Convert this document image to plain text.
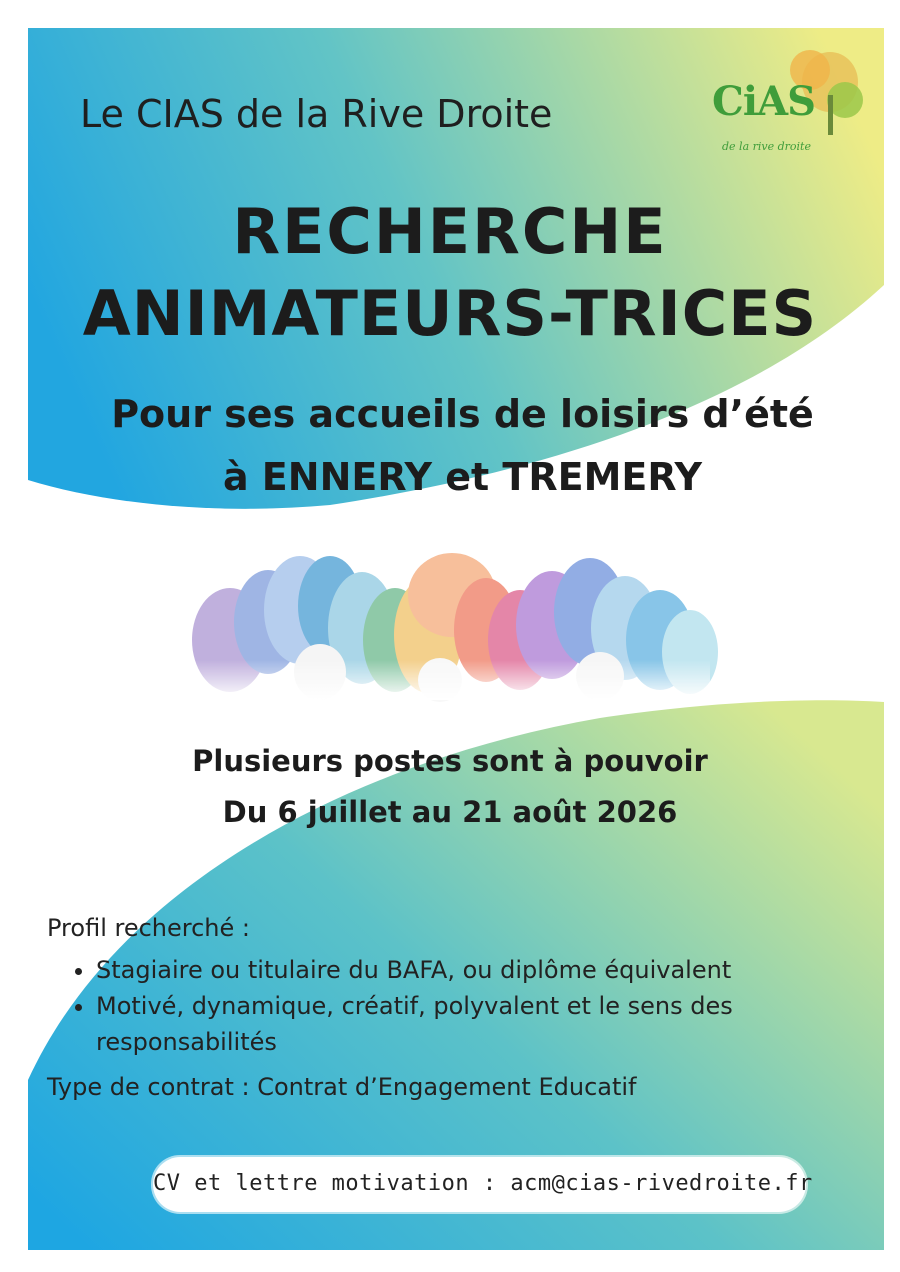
Le CIAS de la Rive Droite	CiAS
de la rive droite
RECHERCHE
ANIMATEURS-TRICES
Pour ses accueils de loisirs d’été
à ENNERY et TREMERY
Plusieurs postes sont à pouvoir
Du 6 juillet au 21 août 2026
Profil recherché :
• Stagiaire ou titulaire du BAFA, ou diplôme équivalent
• Motivé, dynamique, créatif, polyvalent et le sens des responsabilités
Type de contrat : Contrat d’Engagement Educatif
CV et lettre motivation : acm@cias-rivedroite.fr
